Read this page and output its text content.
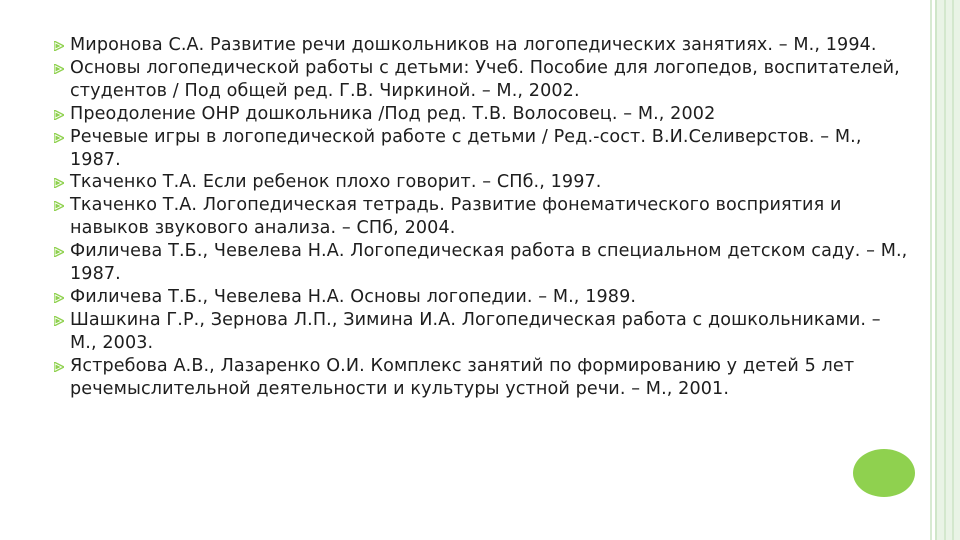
Миронова С.А. Развитие речи дошкольников на логопедических занятиях. – М., 1994.
Основы логопедической работы с детьми: Учеб. Пособие для логопедов, воспитателей, студентов / Под общей ред. Г.В. Чиркиной. – М., 2002.
Преодоление ОНР дошкольника /Под ред. Т.В. Волосовец. – М., 2002
Речевые игры в логопедической работе с детьми / Ред.-сост. В.И.Селиверстов. – М., 1987.
Ткаченко Т.А. Если ребенок плохо говорит. – СПб., 1997.
Ткаченко Т.А. Логопедическая тетрадь. Развитие фонематического восприятия и навыков звукового анализа. – СПб, 2004.
Филичева Т.Б., Чевелева Н.А. Логопедическая работа в специальном детском саду. – М., 1987.
Филичева Т.Б., Чевелева Н.А. Основы логопедии. – М., 1989.
Шашкина Г.Р., Зернова Л.П., Зимина И.А. Логопедическая работа с дошкольниками. – М., 2003.
Ястребова А.В., Лазаренко О.И. Комплекс занятий по формированию у детей 5 лет речемыслительной деятельности и культуры устной речи. – М., 2001.
